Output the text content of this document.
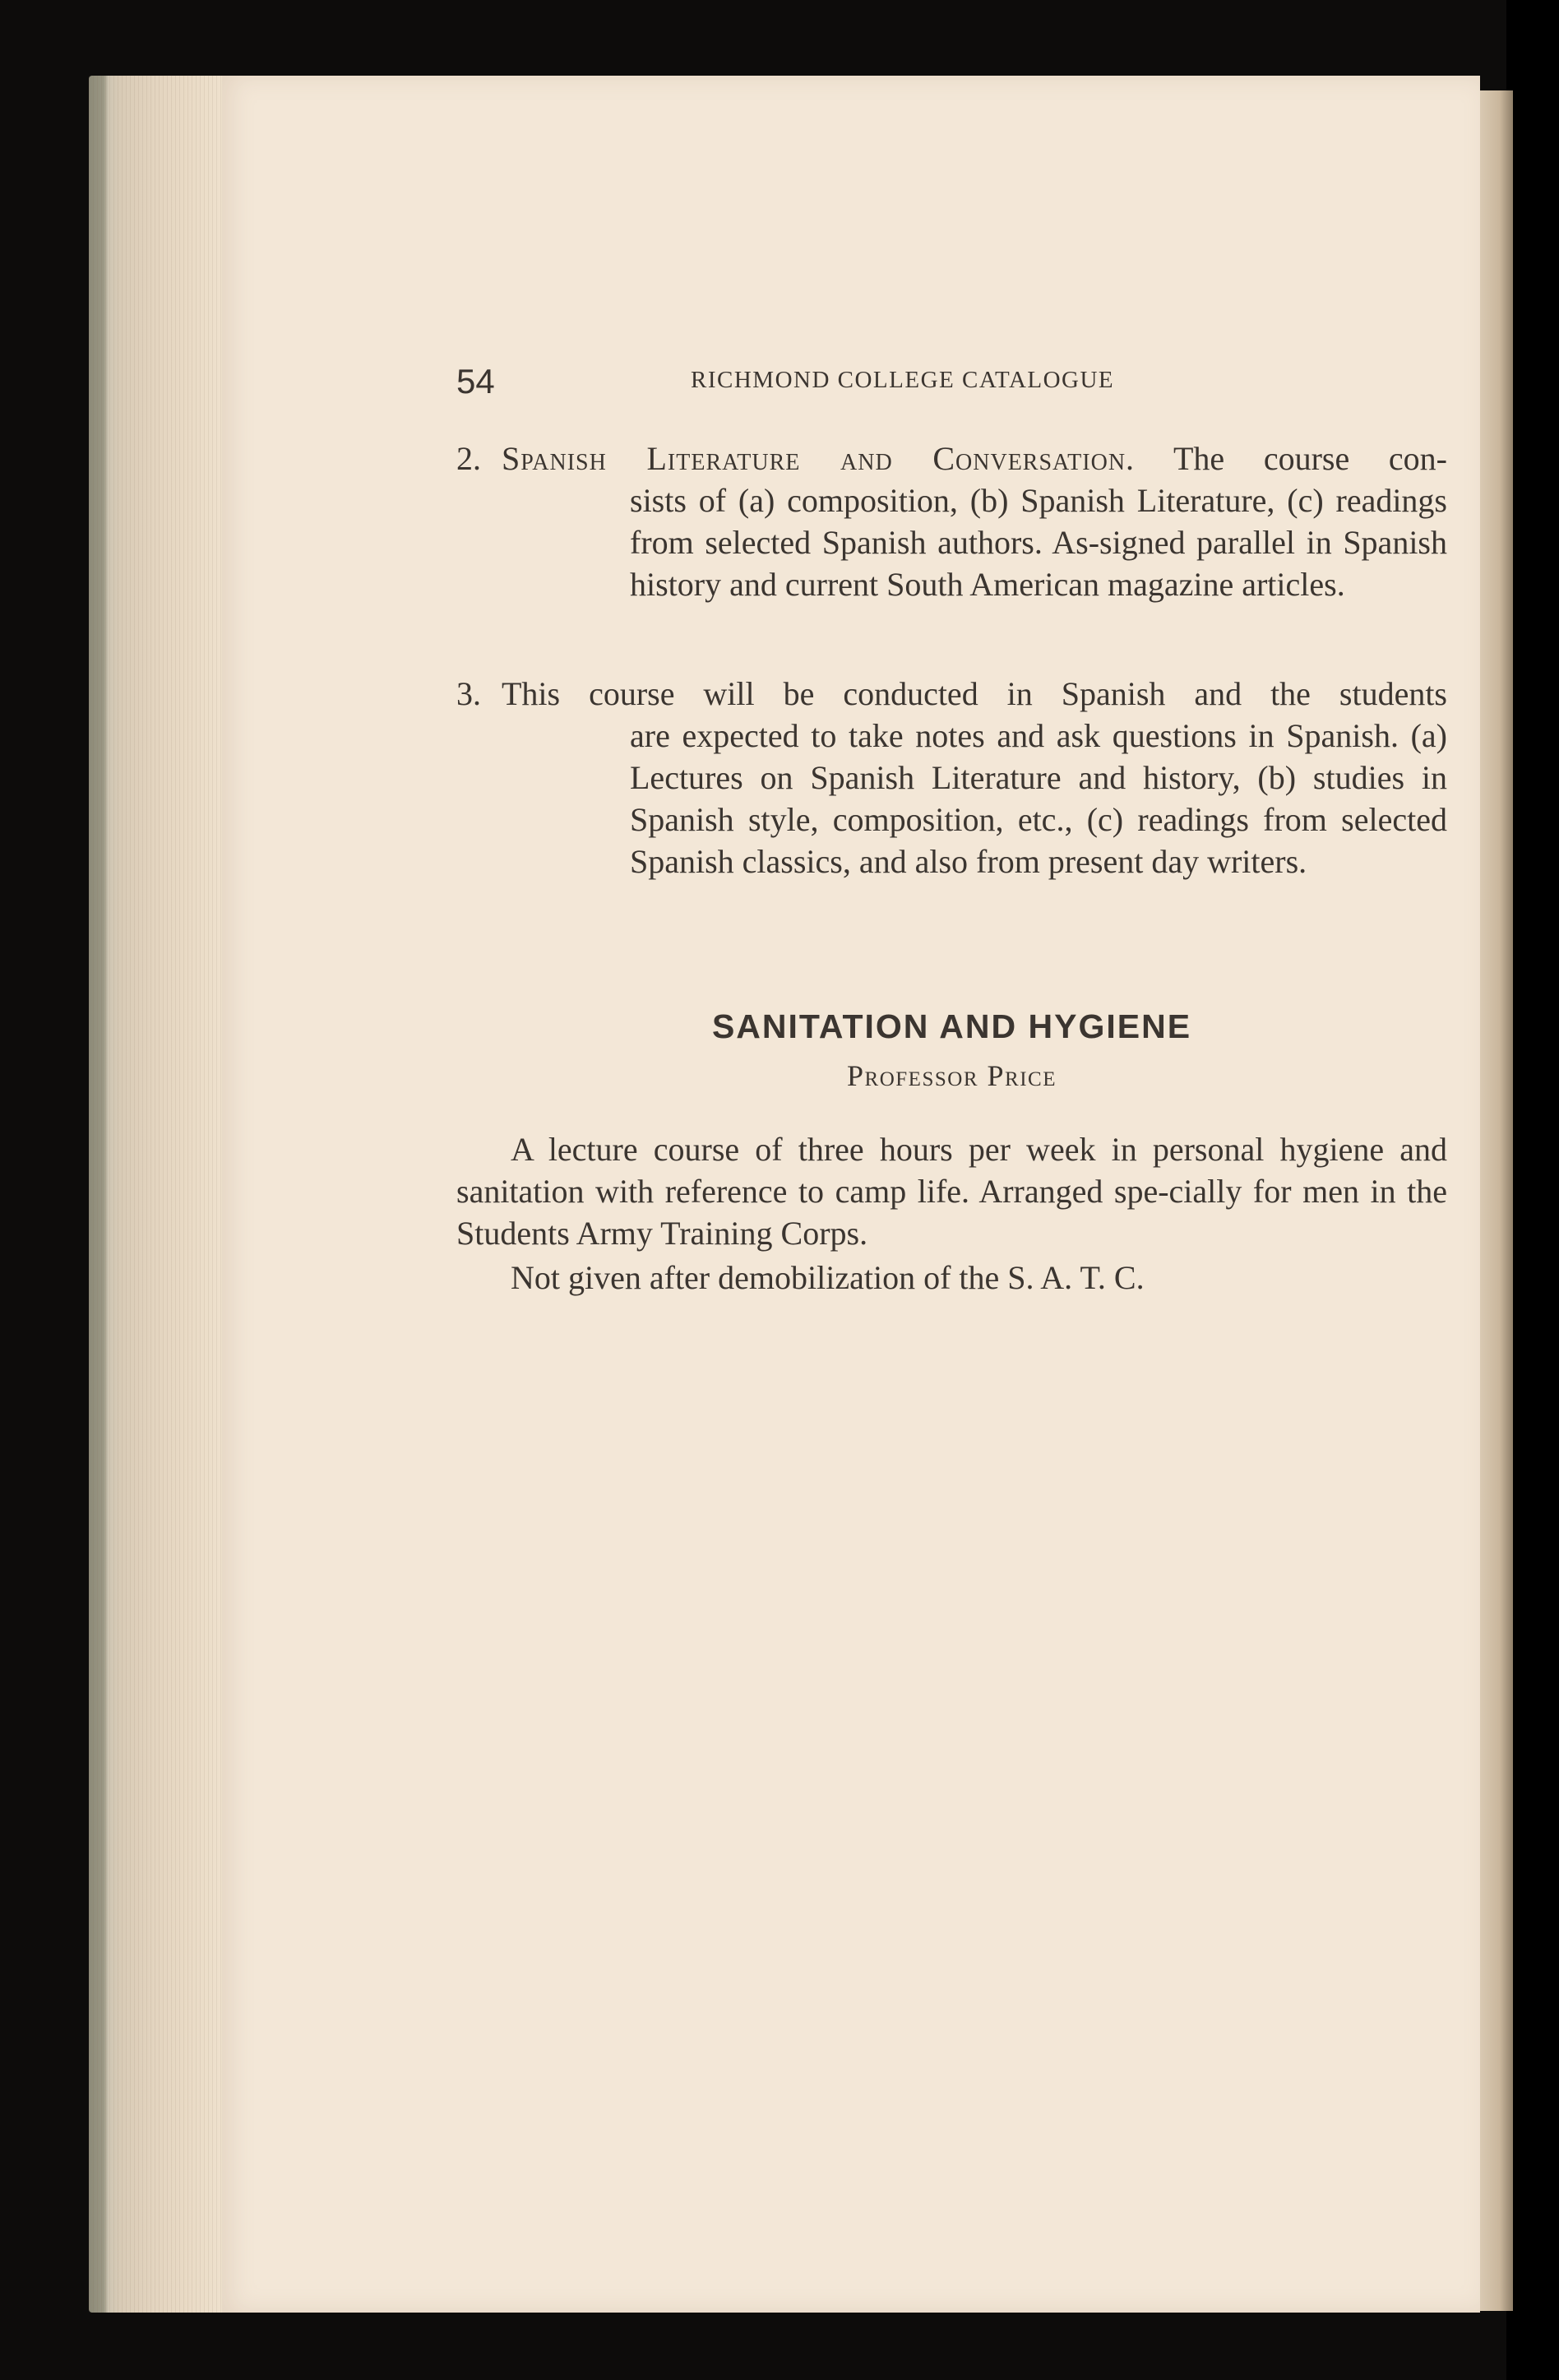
54	RICHMOND COLLEGE CATALOGUE
2. Spanish Literature and Conversation. The course con-
sists of (a) composition, (b) Spanish Literature, (c) readings from selected Spanish authors. As-signed parallel in Spanish history and current South American magazine articles.
3. This course will be conducted in Spanish and the students
are expected to take notes and ask questions in Spanish. (a) Lectures on Spanish Literature and history, (b) studies in Spanish style, composition, etc., (c) readings from selected Spanish classics, and also from present day writers.
SANITATION AND HYGIENE
Professor Price
A lecture course of three hours per week in personal hygiene and sanitation with reference to camp life. Arranged spe-cially for men in the Students Army Training Corps.
Not given after demobilization of the S. A. T. C.
